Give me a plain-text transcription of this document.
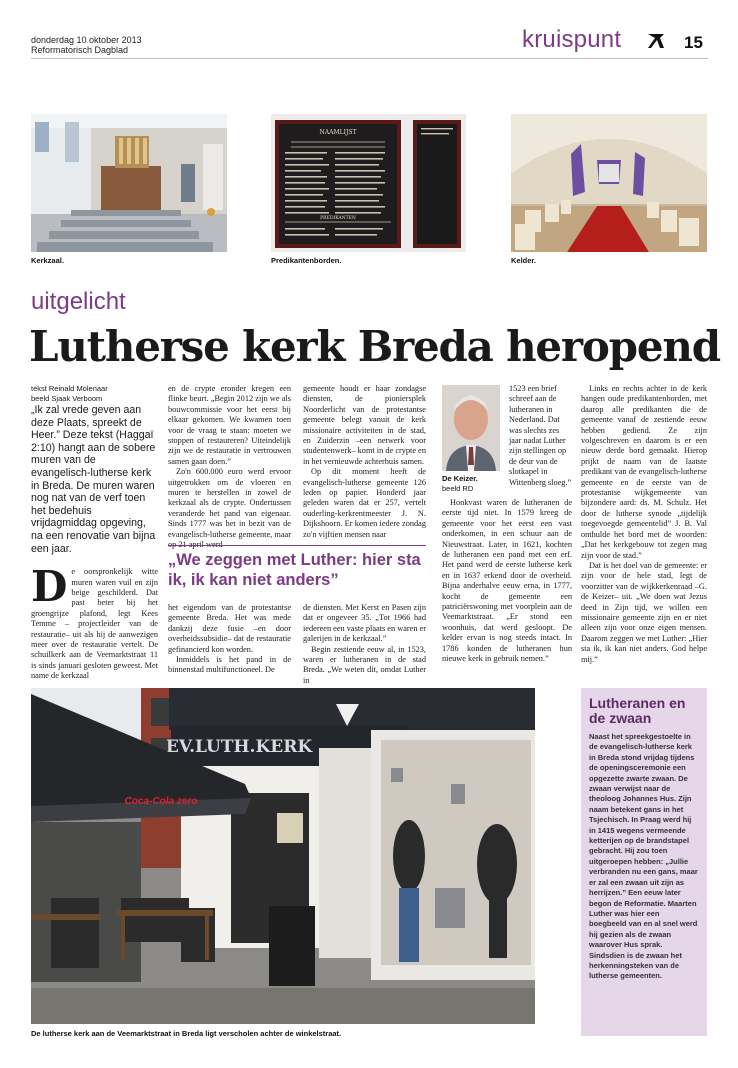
donderdag 10 oktober 2013
Reformatorisch Dagblad	kruispunt	15
Kerkzaal.
NAAMLIJST
PREDIKANTEN
Predikantenborden.	Kelder.
uitgelicht
Lutherse kerk Breda heropend
tekst Reinald Molenaar
beeld Sjaak Verboom

„Ik zal vrede geven aan deze Plaats, spreekt de Heer.” Deze tekst (Haggaï 2:10) hangt aan de sobere muren van de evangelisch-lutherse kerk in Breda. De muren waren nog nat van de verf toen het bedehuis vrijdagmiddag opgeving, na een renovatie van bijna een jaar.

De oorspronkelijk witte muren waren vuil en zijn beige geschilderd. Dat past beter bij het groengrijze plafond, legt Kees Temme – projectleider van de restauratie– uit als hij de aanwezigen meer over de restauratie vertelt. De schuilkerk aan de Veemarktstraat 11 is sinds januari gesloten geweest. Met name de kerkzaal

en de crypte eronder kregen een flinke beurt. „Begin 2012 zijn we als bouwcommissie voor het eerst bij elkaar gekomen. We kwamen toen voor de vraag te staan: moeten we stoppen of restaureren? Uiteindelijk zijn we de restauratie in vertrouwen samen gaan doen.”

Zo'n 600.000 euro werd ervoor uitgetrokken om de vloeren en muren te herstellen in zowel de kerkzaal als de crypte. Ondertussen veranderde het pand van eigenaar. Sinds 1777 was het in bezit van de evangelisch-lutherse gemeente, maar

gemeente houdt er haar zondagse diensten, de pioniersplek Noorderlicht van de protestantse gemeente belegt vanuit de kerk missionaire activiteiten in de stad, en Zuiderzin –een netwerk voor studentenwerk– komt in de crypte en in het vernieuwde achterhuis samen.

Op dit moment heeft de evangelisch-lutherse gemeente 126 leden op papier. Honderd jaar geleden waren dat er 257, vertelt ouderling-kerkrentmeester J. N. Dijkshoorn. Er komen iedere zondag zo'n vijftien mensen naar

„We zeggen met Luther: hier sta ik, ik kan niet anders”

het eigendom van de protestantse gemeente Breda. Het was mede dankzij deze fusie –en door overheidssubsidie– dat de restauratie gefinancierd kon worden.

Inmiddels is het pand in de binnenstad multifunctioneel. De

de diensten. Met Kerst en Pasen zijn dat er ongeveer 35. „Tot 1966 had iedereen een vaste plaats en waren er galerijen in de kerkzaal.”

Begin zestiende eeuw al, in 1523, waren er lutheranen in de stad Breda. „We weten dit, omdat Luther in

De Keizer.
beeld RD

1523 een brief schreef aan de lutheranen in Nederland. Dat was slechts zes jaar nadat Luther zijn stellingen op de deur van de slotkapel in Wittenberg sloeg.”

Honkvast waren de lutheranen de eerste tijd niet. In 1579 kreeg de gemeente voor het eerst een vast onderkomen, in een schuur aan de Nieuwstraat. Later, in 1621, kochten de lutheranen een pand met een erf. Het pand werd de eerste lutherse kerk en in 1637 erkend door de overheid. Bijna anderhalve eeuw erna, in 1777, kocht de gemeente een patriciërswoning met voorplein aan de Veemarktstraat. „Er stond een woonhuis, dat werd gesloopt. De kelder ervan is nog steeds intact. In 1786 konden de lutheranen hun nieuwe kerk in gebruik nemen.”

Links en rechts achter in de kerk hangen oude predikantenborden, met daarop alle predikanten die de gemeente vanaf de zestiende eeuw hebben gediend. Ze zijn volgeschreven en daarom is er een nieuw derde bord gemaakt. Hierop prijkt de naam van de laatste predikant van de evangelisch-lutherse gemeente en de eerste van de protestantse wijkgemeente van bijzondere aard: ds. M. Schulz. Het door de lutherse synode „tijdelijk toegevoegde gemeentelid” J. B. Val onthulde het bord met de woorden: „Dat het kerkgebouw tot zegen mag zijn voor de stad.”

Dat is het doel van de gemeente: er zijn voor de hele stad, legt de voorzitter van de wijkkerkenraad –G. de Keizer– uit. „We doen wat Jezus deed in Zijn tijd, we willen een missionaire gemeente zijn en er niet alleen zijn voor onze eigen mensen. Daarom zeggen we met Luther: „Hier sta ik, ik kan niet anders. God helpe mij.”

EV.LUTH.KERK
Coca-Cola zero
De lutherse kerk aan de Veemarktstraat in Breda ligt verscholen achter de winkelstraat.
Lutheranen en de zwaan
Naast het spreekgestoelte in de evangelisch-lutherse kerk in Breda stond vrijdag tijdens de openingsceremonie een opgezette zwarte zwaan. De zwaan verwijst naar de theoloog Johannes Hus. Zijn naam betekent gans in het Tsjechisch. In Praag werd hij in 1415 wegens vermeende ketterijen op de brandstapel gebracht. Hij zou toen uitgeroepen hebben: „Jullie verbranden nu een gans, maar er zal een zwaan uit zijn as herrijzen.” Een eeuw later begon de Reformatie. Maarten Luther was hier een boegbeeld van en al snel werd hij gezien als de zwaan waarover Hus sprak. Sindsdien is de zwaan het herkenningsteken van de lutherse gemeenten.
